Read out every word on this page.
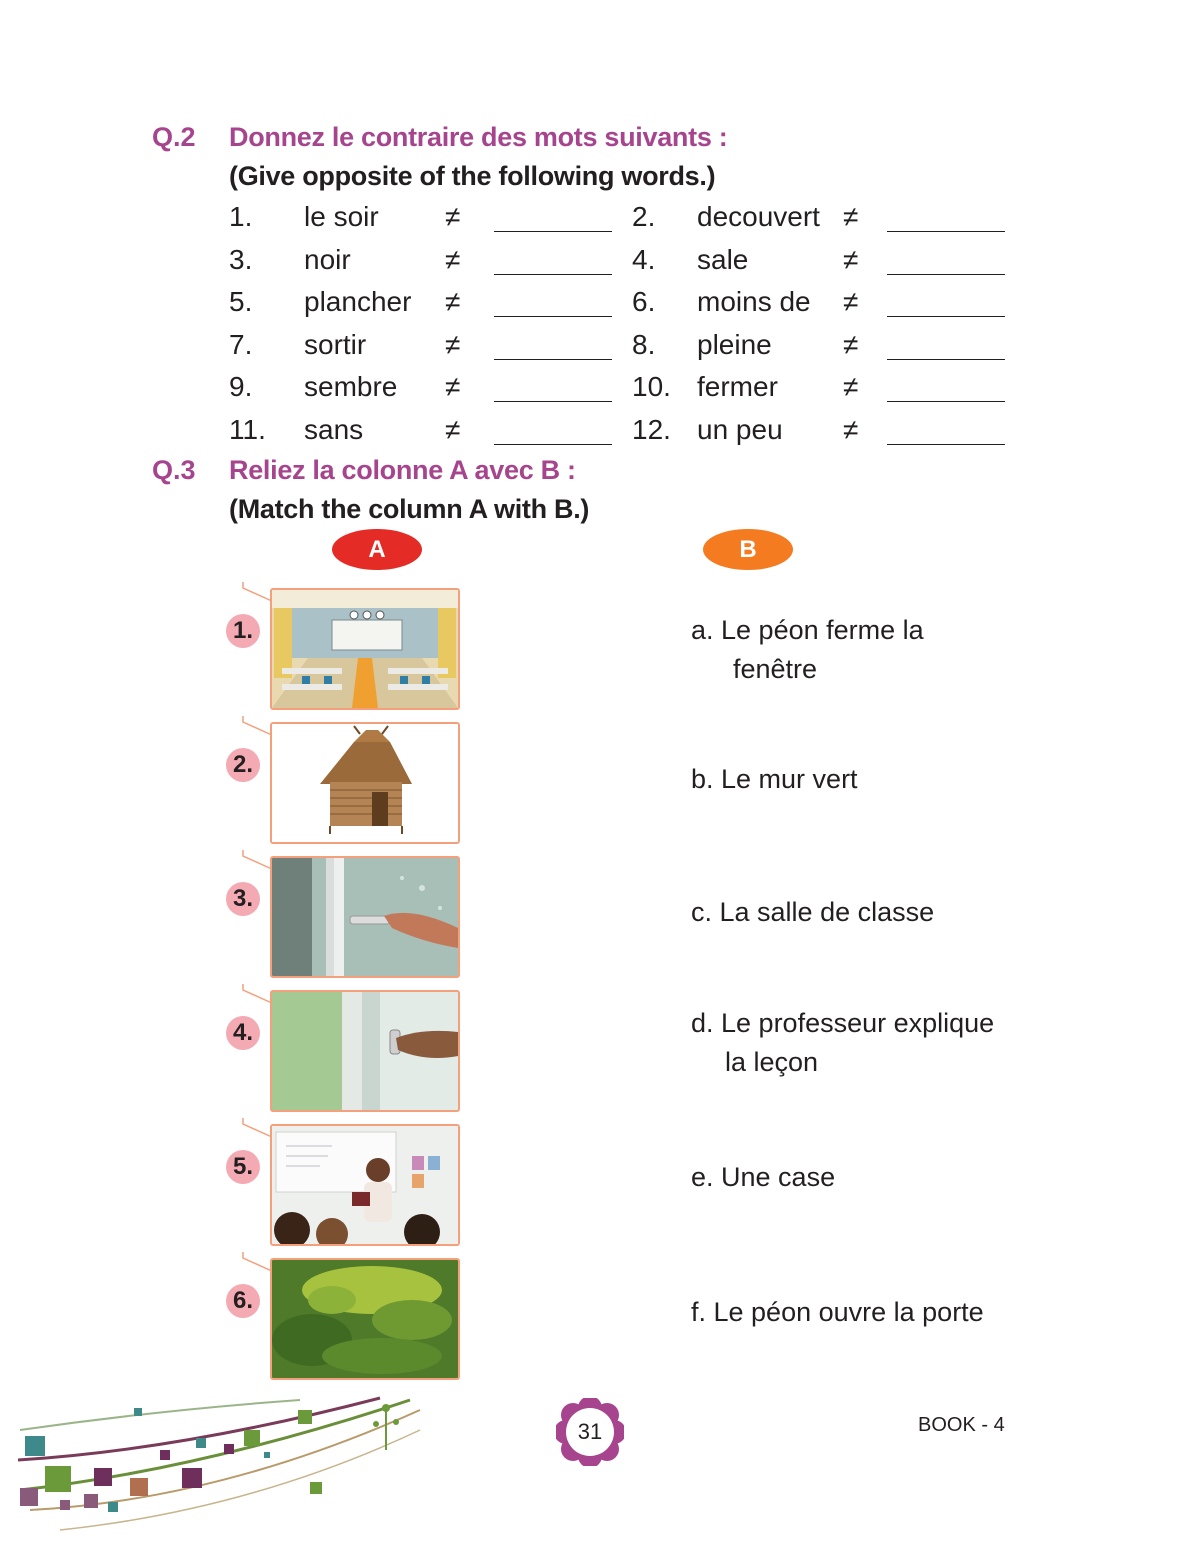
Q.2 Donnez le contraire des mots suivants :
(Give opposite of the following words.)
1. le soir ≠	2. decouvert ≠
3. noir	≠	4. sale	≠
5. plancher ≠	6. moins de ≠
7. sortir	≠	8. pleine	≠
9. sembre ≠	10. fermer ≠
11. sans	≠	12. un peu ≠
Q.3 Reliez la colonne A avec B :
(Match the column A with B.)
A	B
1.
2.
3.
4.
5.
6.
a. Le péon ferme la
fenêtre
b. Le mur vert
c. La salle de classe
d. Le professeur explique
la leçon
e. Une case
f. Le péon ouvre la porte
31	BOOK - 4
